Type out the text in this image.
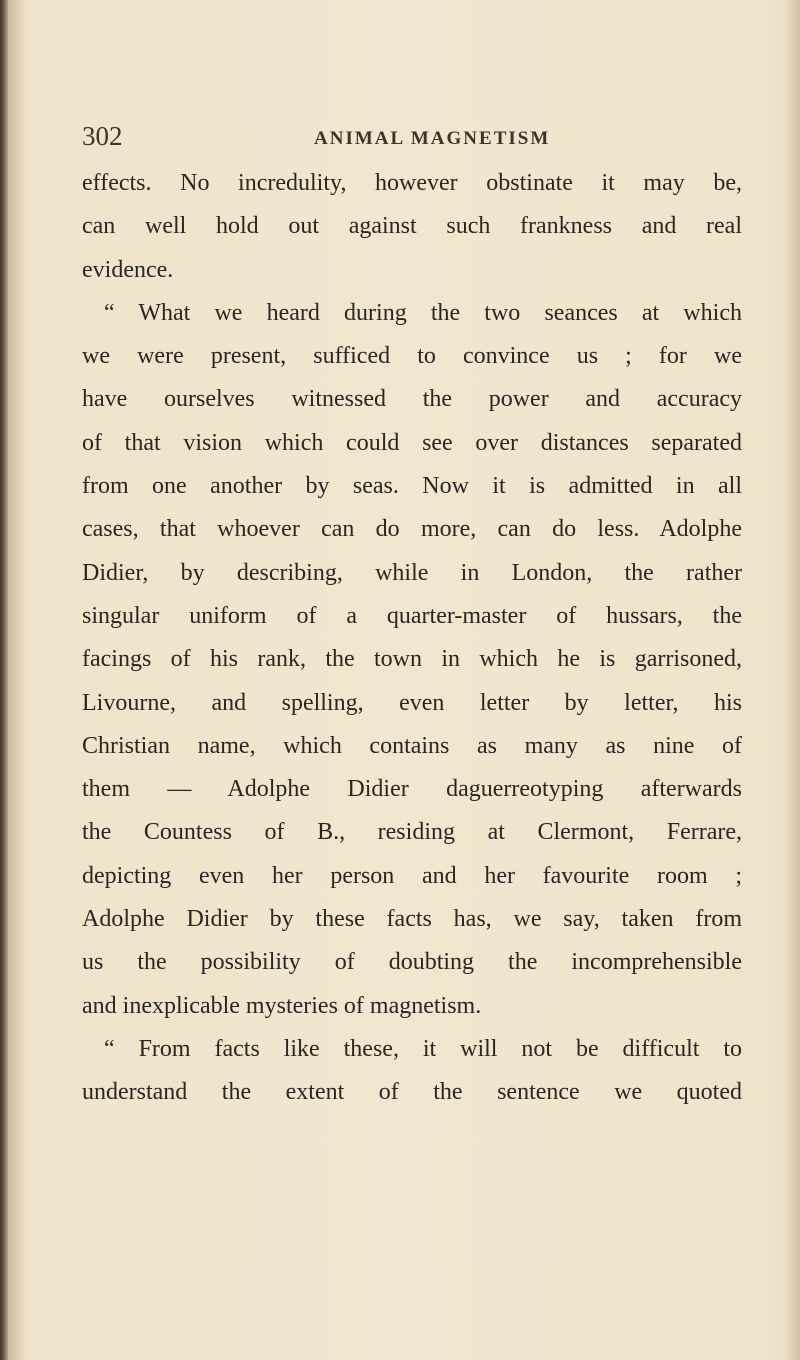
302	ANIMAL MAGNETISM
effects. No incredulity, however obstinate it may be,
can well hold out against such frankness and real
evidence.
“ What we heard during the two seances at which
we were present, sufficed to convince us ; for we
have ourselves witnessed the power and accuracy
of that vision which could see over distances separated
from one another by seas. Now it is admitted in all
cases, that whoever can do more, can do less. Adolphe
Didier, by describing, while in London, the rather
singular uniform of a quarter-master of hussars, the
facings of his rank, the town in which he is garrisoned,
Livourne, and spelling, even letter by letter, his
Christian name, which contains as many as nine of
them — Adolphe Didier daguerreotyping afterwards
the Countess of B., residing at Clermont, Ferrare,
depicting even her person and her favourite room ;
Adolphe Didier by these facts has, we say, taken from
us the possibility of doubting the incomprehensible
and inexplicable mysteries of magnetism.
“ From facts like these, it will not be difficult to
understand the extent of the sentence we quoted
